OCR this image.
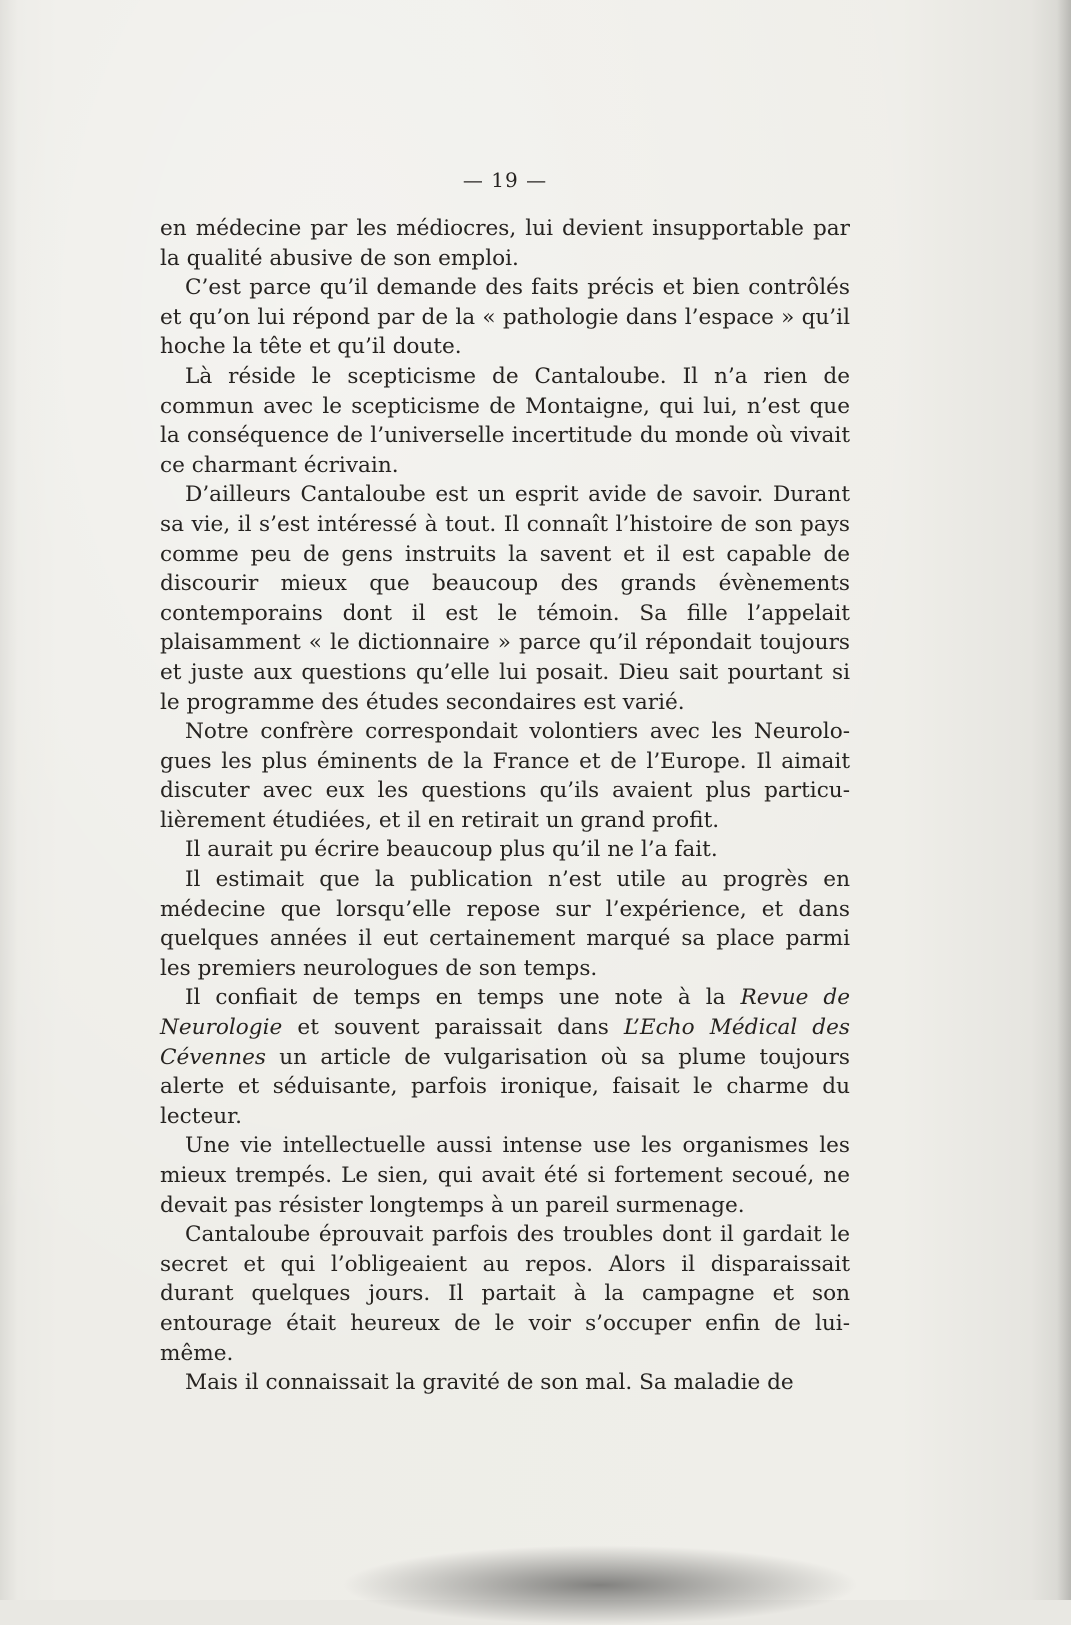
— 19 —

en médecine par les médiocres, lui devient insupportable par la qualité abusive de son emploi.

C’est parce qu’il demande des faits précis et bien contrôlés et qu’on lui répond par de la « pathologie dans l’espace » qu’il hoche la tête et qu’il doute.

Là réside le scepticisme de Cantaloube. Il n’a rien de commun avec le scepticisme de Montaigne, qui lui, n’est que la conséquence de l’universelle incertitude du monde où vivait ce charmant écrivain.

D’ailleurs Cantaloube est un esprit avide de savoir. Durant sa vie, il s’est intéressé à tout. Il connaît l’histoire de son pays comme peu de gens instruits la savent et il est capable de discourir mieux que beaucoup des grands évènements contemporains dont il est le témoin. Sa fille l’appelait plaisamment « le dictionnaire » parce qu’il répondait toujours et juste aux questions qu’elle lui posait. Dieu sait pourtant si le programme des études secondaires est varié.

Notre confrère correspondait volontiers avec les Neurologues les plus éminents de la France et de l’Europe. Il aimait discuter avec eux les questions qu’ils avaient plus particulièrement étudiées, et il en retirait un grand profit.

Il aurait pu écrire beaucoup plus qu’il ne l’a fait.

Il estimait que la publication n’est utile au progrès en médecine que lorsqu’elle repose sur l’expérience, et dans quelques années il eut certainement marqué sa place parmi les premiers neurologues de son temps.

Il confiait de temps en temps une note à la Revue de Neurologie et souvent paraissait dans L’Echo Médical des Cévennes un article de vulgarisation où sa plume toujours alerte et séduisante, parfois ironique, faisait le charme du lecteur.

Une vie intellectuelle aussi intense use les organismes les mieux trempés. Le sien, qui avait été si fortement secoué, ne devait pas résister longtemps à un pareil surmenage.

Cantaloube éprouvait parfois des troubles dont il gardait le secret et qui l’obligeaient au repos. Alors il disparaissait durant quelques jours. Il partait à la campagne et son entourage était heureux de le voir s’occuper enfin de luimême.

Mais il connaissait la gravité de son mal. Sa maladie de
